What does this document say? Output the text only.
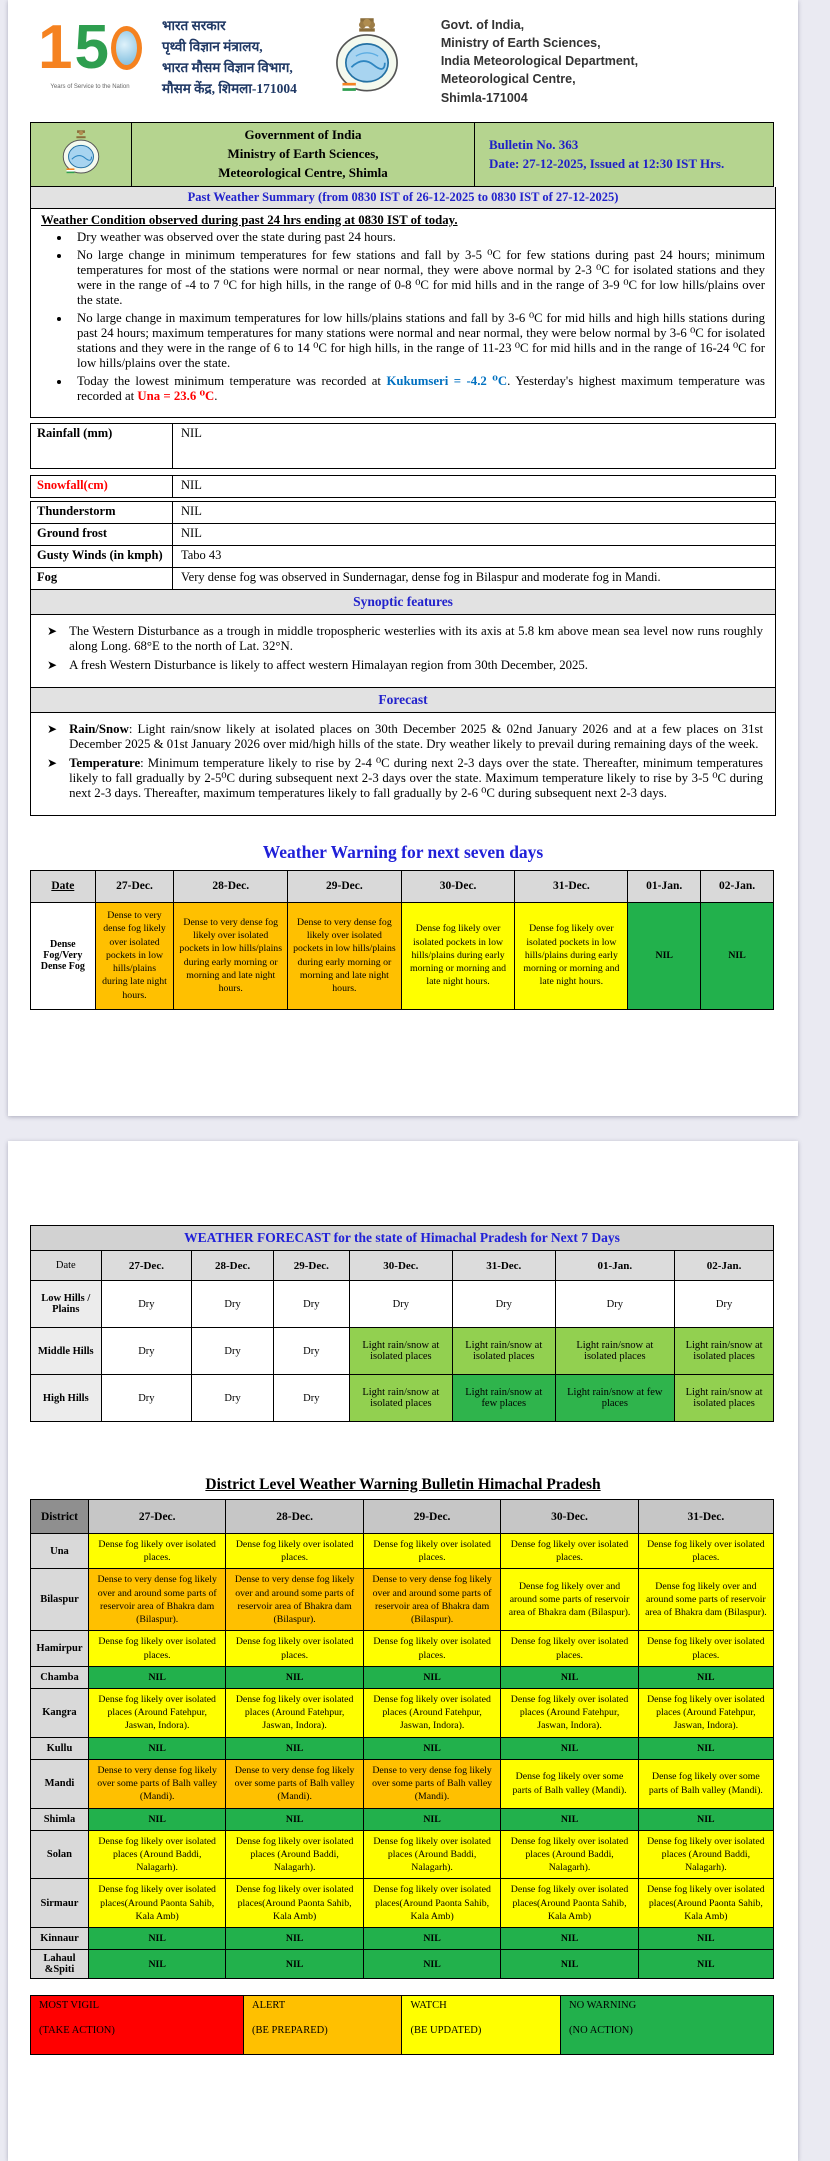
1 5
Years of Service to the Nation
भारत सरकार
पृथ्वी विज्ञान मंत्रालय,
भारत मौसम विज्ञान विभाग,
मौसम केंद्र, शिमला-171004
Govt. of India,
Ministry of Earth Sciences,
India Meteorological Department,
Meteorological Centre,
Shimla-171004

Government of India
Ministry of Earth Sciences,
Meteorological Centre, Shimla

Bulletin No. 363
Date: 27-12-2025, Issued at 12:30 IST Hrs.
Past Weather Summary (from 0830 IST of 26-12-2025 to 0830 IST of 27-12-2025)
Weather Condition observed during past 24 hrs ending at 0830 IST of today.
• Dry weather was observed over the state during past 24 hours.
• No large change in minimum temperatures for few stations and fall by 3-5 ⁰C for few stations during past 24 hours; minimum temperatures for most of the stations were normal or near normal, they were above normal by 2-3 ⁰C for isolated stations and they were in the range of -4 to 7 ⁰C for high hills, in the range of 0-8 ⁰C for mid hills and in the range of 3-9 ⁰C for low hills/plains over the state.
• No large change in maximum temperatures for low hills/plains stations and fall by 3-6 ⁰C for mid hills and high hills stations during past 24 hours; maximum temperatures for many stations were normal and near normal, they were below normal by 3-6 ⁰C for isolated stations and they were in the range of 6 to 14 ⁰C for high hills, in the range of 11-23 ⁰C for mid hills and in the range of 16-24 ⁰C for low hills/plains over the state.
• Today the lowest minimum temperature was recorded at Kukumseri = -4.2 ⁰C. Yesterday's highest maximum temperature was recorded at Una = 23.6 ⁰C.
Rainfall (mm)	NIL
Snowfall(cm)	NIL
Thunderstorm	NIL
Ground frost	NIL
Gusty Winds (in kmph)	Tabo 43
Fog	Very dense fog was observed in Sundernagar, dense fog in Bilaspur and moderate fog in Mandi.
Synoptic features
➤ The Western Disturbance as a trough in middle tropospheric westerlies with its axis at 5.8 km above mean sea level now runs roughly along Long. 68°E to the north of Lat. 32°N.
➤ A fresh Western Disturbance is likely to affect western Himalayan region from 30th December, 2025.
Forecast
➤ Rain/Snow: Light rain/snow likely at isolated places on 30th December 2025 & 02nd January 2026 and at a few places on 31st December 2025 & 01st January 2026 over mid/high hills of the state. Dry weather likely to prevail during remaining days of the week.
➤ Temperature: Minimum temperature likely to rise by 2-4 ⁰C during next 2-3 days over the state. Thereafter, minimum temperatures likely to fall gradually by 2-5⁰C during subsequent next 2-3 days over the state. Maximum temperature likely to rise by 3-5 ⁰C during next 2-3 days. Thereafter, maximum temperatures likely to fall gradually by 2-6 ⁰C during subsequent next 2-3 days.
Weather Warning for next seven days
Date	27-Dec.	28-Dec.	29-Dec.	30-Dec.	31-Dec.	01-Jan.	02-Jan.
Dense Fog/Very Dense Fog	Dense to very dense fog likely over isolated pockets in low hills/plains during late night hours.	Dense to very dense fog likely over isolated pockets in low hills/plains during early morning or morning and late night hours.	Dense to very dense fog likely over isolated pockets in low hills/plains during early morning or morning and late night hours.	Dense fog likely over isolated pockets in low hills/plains during early morning or morning and late night hours.	Dense fog likely over isolated pockets in low hills/plains during early morning or morning and late night hours.	NIL	NIL
WEATHER FORECAST for the state of Himachal Pradesh for Next 7 Days							
Date	27-Dec.	28-Dec.	29-Dec.	30-Dec.	31-Dec.	01-Jan.	02-Jan.
Low Hills / Plains	Dry	Dry	Dry	Dry	Dry	Dry	Dry
Middle Hills	Dry	Dry	Dry	Light rain/snow at isolated places	Light rain/snow at isolated places	Light rain/snow at isolated places	Light rain/snow at isolated places
High Hills	Dry	Dry	Dry	Light rain/snow at isolated places	Light rain/snow at few places	Light rain/snow at few places	Light rain/snow at isolated places
District Level Weather Warning Bulletin Himachal Pradesh
District	27-Dec.	28-Dec.	29-Dec.	30-Dec.	31-Dec.
Una	Dense fog likely over isolated places.	Dense fog likely over isolated places.	Dense fog likely over isolated places.	Dense fog likely over isolated places.	Dense fog likely over isolated places.
Bilaspur	Dense to very dense fog likely over and around some parts of reservoir area of Bhakra dam (Bilaspur).	Dense to very dense fog likely over and around some parts of reservoir area of Bhakra dam (Bilaspur).	Dense to very dense fog likely over and around some parts of reservoir area of Bhakra dam (Bilaspur).	Dense fog likely over and around some parts of reservoir area of Bhakra dam (Bilaspur).	Dense fog likely over and around some parts of reservoir area of Bhakra dam (Bilaspur).
Hamirpur	Dense fog likely over isolated places.	Dense fog likely over isolated places.	Dense fog likely over isolated places.	Dense fog likely over isolated places.	Dense fog likely over isolated places.
Chamba	NIL	NIL	NIL	NIL	NIL
Kangra	Dense fog likely over isolated places (Around Fatehpur, Jaswan, Indora).	Dense fog likely over isolated places (Around Fatehpur, Jaswan, Indora).	Dense fog likely over isolated places (Around Fatehpur, Jaswan, Indora).	Dense fog likely over isolated places (Around Fatehpur, Jaswan, Indora).	Dense fog likely over isolated places (Around Fatehpur, Jaswan, Indora).
Kullu	NIL	NIL	NIL	NIL	NIL
Mandi	Dense to very dense fog likely over some parts of Balh valley (Mandi).	Dense to very dense fog likely over some parts of Balh valley (Mandi).	Dense to very dense fog likely over some parts of Balh valley (Mandi).	Dense fog likely over some parts of Balh valley (Mandi).	Dense fog likely over some parts of Balh valley (Mandi).
Shimla	NIL	NIL	NIL	NIL	NIL
Solan	Dense fog likely over isolated places (Around Baddi, Nalagarh).	Dense fog likely over isolated places (Around Baddi, Nalagarh).	Dense fog likely over isolated places (Around Baddi, Nalagarh).	Dense fog likely over isolated places (Around Baddi, Nalagarh).	Dense fog likely over isolated places (Around Baddi, Nalagarh).
Sirmaur	Dense fog likely over isolated places(Around Paonta Sahib, Kala Amb)	Dense fog likely over isolated places(Around Paonta Sahib, Kala Amb)	Dense fog likely over isolated places(Around Paonta Sahib, Kala Amb)	Dense fog likely over isolated places(Around Paonta Sahib, Kala Amb)	Dense fog likely over isolated places(Around Paonta Sahib, Kala Amb)
Kinnaur	NIL	NIL	NIL	NIL	NIL
Lahaul &Spiti	NIL	NIL	NIL	NIL	NIL
MOST VIGIL
(TAKE ACTION)

ALERT
(BE PREPARED)

WATCH
(BE UPDATED)

NO WARNING
(NO ACTION)
